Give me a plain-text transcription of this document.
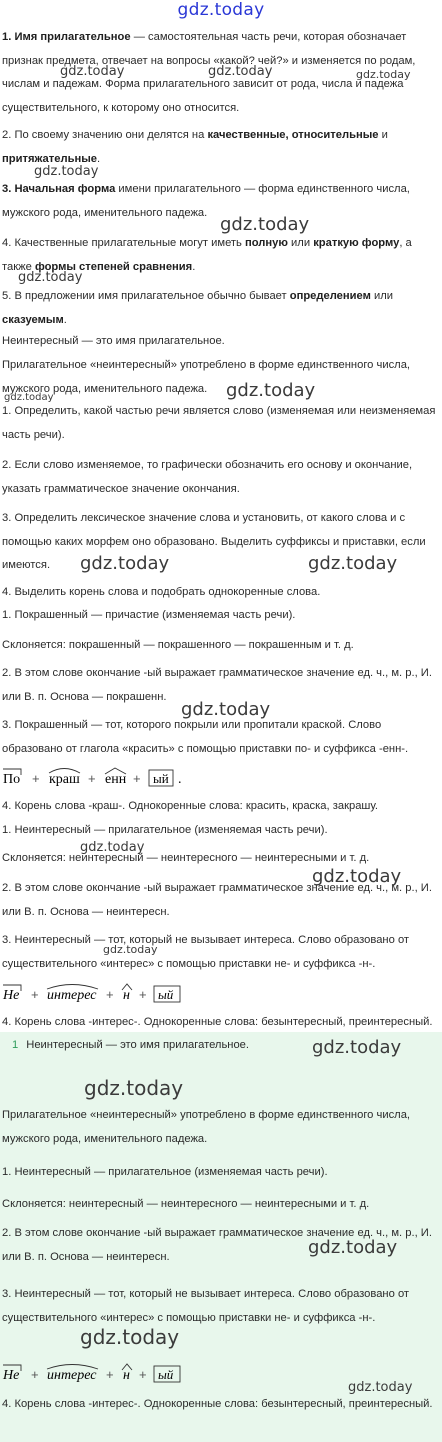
gdz.today

1. Имя прилагательное — самостоятельная часть речи, которая обозначает признак предмета, отвечает на вопросы «какой? чей?» и изменяется по родам, числам и падежам. Форма прилагательного зависит от рода, числа и падежа существительного, к которому оно относится.

2. По своему значению они делятся на качественные, относительные и притяжательные.

3. Начальная форма имени прилагательного — форма единственного числа, мужского рода, именительного падежа.

4. Качественные прилагательные могут иметь полную или краткую форму, а также формы степеней сравнения.

5. В предложении имя прилагательное обычно бывает определением или сказуемым.

Неинтересный — это имя прилагательное.

Прилагательное «неинтересный» употреблено в форме единственного числа, мужского рода, именительного падежа.

1. Определить, какой частью речи является слово (изменяемая или неизменяемая часть речи).

2. Если слово изменяемое, то графически обозначить его основу и окончание, указать грамматическое значение окончания.

3. Определить лексическое значение слова и установить, от какого слова и с помощью каких морфем оно образовано. Выделить суффиксы и приставки, если имеются.

4. Выделить корень слова и подобрать однокоренные слова.

1. Покрашенный — причастие (изменяемая часть речи).

Склоняется: покрашенный — покрашенного — покрашенным и т. д.

2. В этом слове окончание -ый выражает грамматическое значение ед. ч., м. р., И. или В. п. Основа — покрашенн.

3. Покрашенный — тот, которого покрыли или пропитали краской. Слово образовано от глагола «красить» с помощью приставки по- и суффикса -енн-.

По + краш + енн + ый .

4. Корень слова -краш-. Однокоренные слова: красить, краска, закрашу.

1. Неинтересный — прилагательное (изменяемая часть речи).

Склоняется: неинтересный — неинтересного — неинтересными и т. д.

2. В этом слове окончание -ый выражает грамматическое значение ед. ч., м. р., И. или В. п. Основа — неинтересн.

3. Неинтересный — тот, который не вызывает интереса. Слово образовано от существительного «интерес» с помощью приставки не- и суффикса -н-.

Не + интерес + н + ый

4. Корень слова -интерес-. Однокоренные слова: безынтересный, преинтересный.

1 Неинтересный — это имя прилагательное.

Прилагательное «неинтересный» употреблено в форме единственного числа, мужского рода, именительного падежа.

1. Неинтересный — прилагательное (изменяемая часть речи).

Склоняется: неинтересный — неинтересного — неинтересными и т. д.

2. В этом слове окончание -ый выражает грамматическое значение ед. ч., м. р., И. или В. п. Основа — неинтересн.

3. Неинтересный — тот, который не вызывает интереса. Слово образовано от существительного «интерес» с помощью приставки не- и суффикса -н-.

Не + интерес + н + ый

4. Корень слова -интерес-. Однокоренные слова: безынтересный, преинтересный.

gdz.today	gdz.today	gdz.today
gdz.today
gdz.today
gdz.today
gdz.today
gdz.today
gdz.today	gdz.today
gdz.today
gdz.today
gdz.today
gdz.today
gdz.today
gdz.today
gdz.today
gdz.today
gdz.today
